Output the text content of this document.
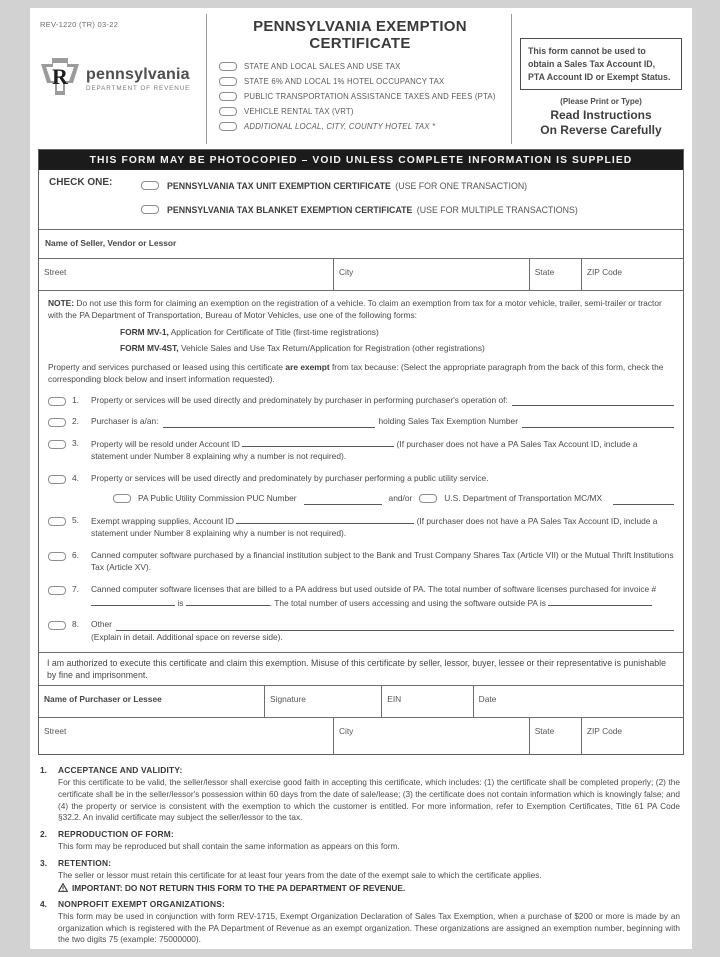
REV-1220 (TR) 03-22
R pennsylvania
DEPARTMENT OF REVENUE
PENNSYLVANIA EXEMPTION
CERTIFICATE
STATE AND LOCAL SALES AND USE TAX
STATE 6% AND LOCAL 1% HOTEL OCCUPANCY TAX
PUBLIC TRANSPORTATION ASSISTANCE TAXES AND FEES (PTA)
VEHICLE RENTAL TAX (VRT)
ADDITIONAL LOCAL, CITY, COUNTY HOTEL TAX *
This form cannot be used to obtain a Sales Tax Account ID, PTA Account ID or Exempt Status.
(Please Print or Type)
Read Instructions
On Reverse Carefully
THIS FORM MAY BE PHOTOCOPIED – VOID UNLESS COMPLETE INFORMATION IS SUPPLIED
CHECK ONE:	PENNSYLVANIA TAX UNIT EXEMPTION CERTIFICATE (USE FOR ONE TRANSACTION)
PENNSYLVANIA TAX BLANKET EXEMPTION CERTIFICATE (USE FOR MULTIPLE TRANSACTIONS)
Name of Seller, Vendor or Lessor
Street	City	State	ZIP Code
NOTE: Do not use this form for claiming an exemption on the registration of a vehicle. To claim an exemption from tax for a motor vehicle, trailer, semi-trailer or tractor with the PA Department of Transportation, Bureau of Motor Vehicles, use one of the following forms:
FORM MV-1, Application for Certificate of Title (first-time registrations)
FORM MV-4ST, Vehicle Sales and Use Tax Return/Application for Registration (other registrations)
Property and services purchased or leased using this certificate are exempt from tax because: (Select the appropriate paragraph from the back of this form, check the corresponding block below and insert information requested).
1.	Property or services will be used directly and predominately by purchaser in performing purchaser's operation of:
2.	Purchaser is a/an:	holding Sales Tax Exemption Number
3.	Property will be resold under Account ID	(If purchaser does not have a PA Sales Tax Account ID, include a statement under Number 8 explaining why a number is not required).
4.	Property or services will be used directly and predominately by purchaser performing a public utility service.
PA Public Utility Commission PUC Number	and/or	U.S. Department of Transportation MC/MX
5.	Exempt wrapping supplies, Account ID	(If purchaser does not have a PA Sales Tax Account ID, include a statement under Number 8 explaining why a number is not required).
6.	Canned computer software purchased by a financial institution subject to the Bank and Trust Company Shares Tax (Article VII) or the Mutual Thrift Institutions Tax (Article XV).
7.	Canned computer software licenses that are billed to a PA address but used outside of PA. The total number of software licenses purchased for invoice #  is	. The total number of users accessing and using the software outside PA is
8.	Other
(Explain in detail. Additional space on reverse side).
I am authorized to execute this certificate and claim this exemption. Misuse of this certificate by seller, lessor, buyer, lessee or their representative is punishable by fine and imprisonment.
Name of Purchaser or Lessee	Signature	EIN	Date
Street	City	State	ZIP Code
1.	ACCEPTANCE AND VALIDITY:
For this certificate to be valid, the seller/lessor shall exercise good faith in accepting this certificate, which includes: (1) the certificate shall be completed properly; (2) the certificate shall be in the seller/lessor's possession within 60 days from the date of sale/lease; (3) the certificate does not contain information which is knowingly false; and (4) the property or service is consistent with the exemption to which the customer is entitled. For more information, refer to Exemption Certificates, Title 61 PA Code §32.2. An invalid certificate may subject the seller/lessor to the tax.
2.	REPRODUCTION OF FORM:
This form may be reproduced but shall contain the same information as appears on this form.
3.	RETENTION:
The seller or lessor must retain this certificate for at least four years from the date of the exempt sale to which the certificate applies.
IMPORTANT: DO NOT RETURN THIS FORM TO THE PA DEPARTMENT OF REVENUE.
4.	NONPROFIT EXEMPT ORGANIZATIONS:
This form may be used in conjunction with form REV-1715, Exempt Organization Declaration of Sales Tax Exemption, when a purchase of $200 or more is made by an organization which is registered with the PA Department of Revenue as an exempt organization. These organizations are assigned an exemption number, beginning with the two digits 75 (example: 75000000).
